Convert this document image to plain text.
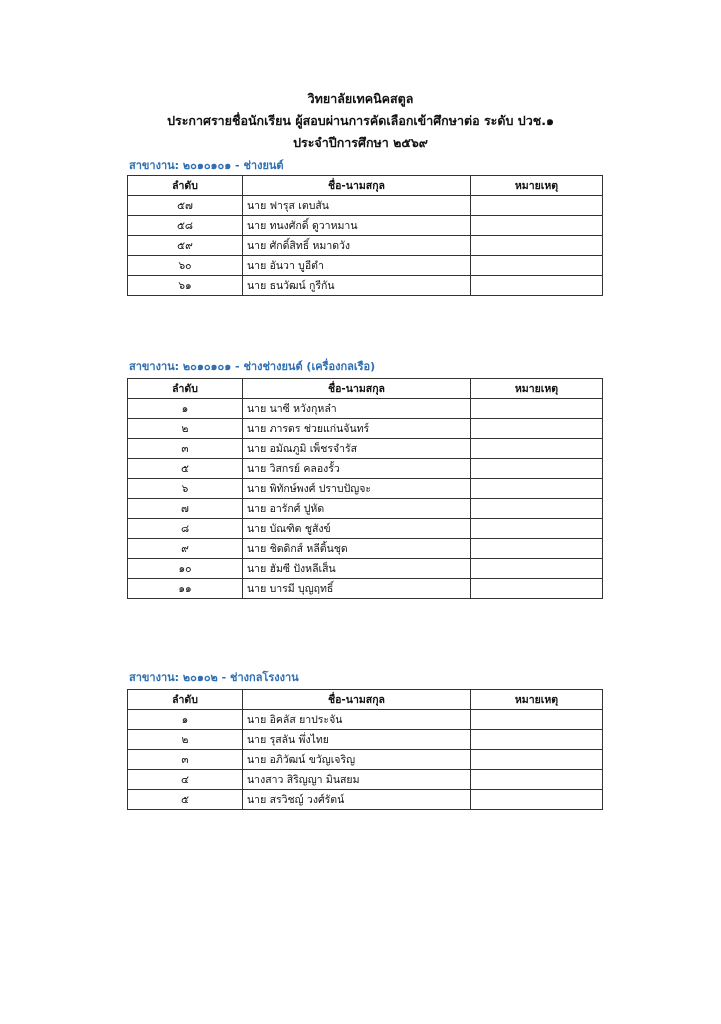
วิทยาลัยเทคนิคสตูล
ประกาศรายชื่อนักเรียน ผู้สอบผ่านการคัดเลือกเข้าศึกษาต่อ ระดับ ปวช.๑
ประจำปีการศึกษา ๒๕๖๙
สาขางาน: ๒๐๑๐๑๐๑ - ช่างยนต์
ลำดับ	ชื่อ-นามสกุล	หมายเหตุ
๕๗	นาย ฟารุส เตบสัน	
๕๘	นาย ทนงศักดิ์ ดูวาหมาน	
๕๙	นาย ศักดิ์สิทธิ์ หมาดวัง	
๖๐	นาย อันวา บูอีตำ	
๖๑	นาย ธนวัฒน์ กูรีกัน	
สาขางาน: ๒๐๑๐๑๐๑ - ช่างช่างยนต์ (เครื่องกลเรือ)
ลำดับ	ชื่อ-นามสกุล	หมายเหตุ
๑	นาย นาซี หวังกุหล๋า	
๒	นาย ภารดร ช่วยแก่นจันทร์	
๓	นาย อมัณภูมิ เพ็ชรจำรัส	
๕	นาย วิสกรย์ คลองรั้ว	
๖	นาย พิทักษ์พงศ์ ปราบปัญจะ	
๗	นาย อารักศ์ ปูหัด	
๘	นาย บัณฑิต ชูสังข์	
๙	นาย ชิดดิกส์ หลีติ้นชุด	
๑๐	นาย ฮัมซี ปังหลีเส็น	
๑๑	นาย บารมี บุญฤทธิ์	
สาขางาน: ๒๐๑๐๒ - ช่างกลโรงงาน
ลำดับ	ชื่อ-นามสกุล	หมายเหตุ
๑	นาย อิคลัส ยาประจัน	
๒	นาย รุสลัน พึ่งไทย	
๓	นาย อภิวัฒน์ ขวัญเจริญ	
๔	นางสาว สิริญญา มินสยม	
๕	นาย สรวิชญ์ วงศ์รัตน์	
